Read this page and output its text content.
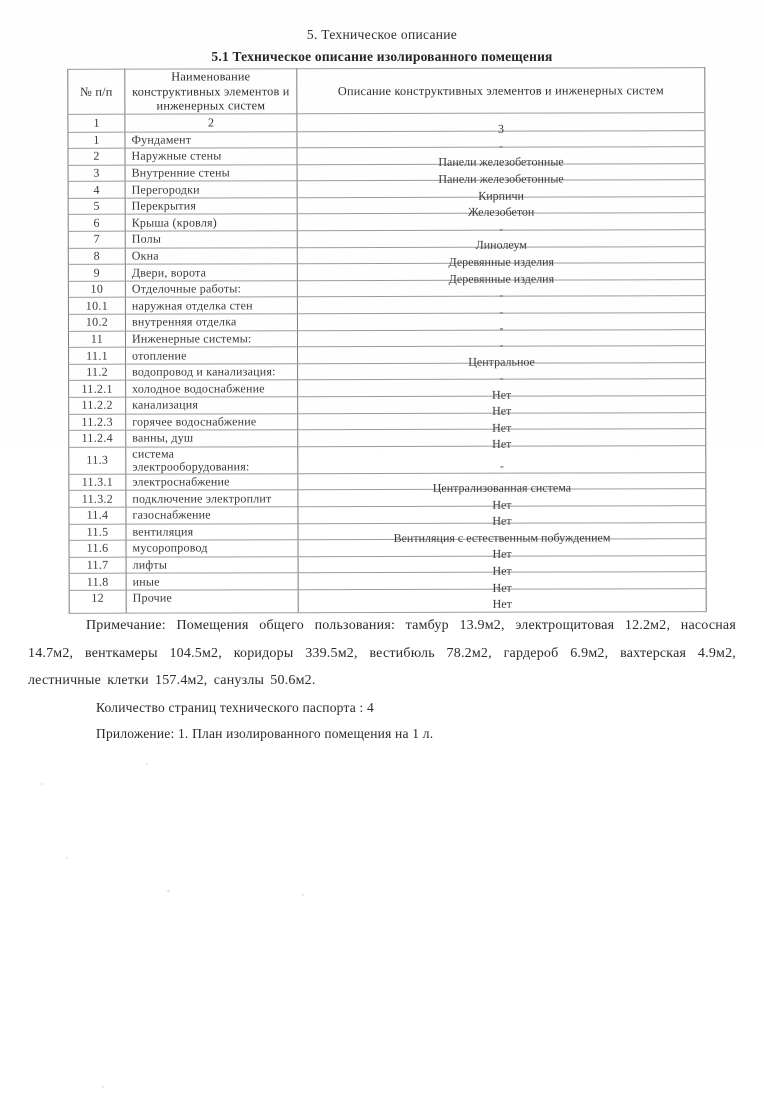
5. Техническое описание
5.1 Техническое описание изолированного помещения
№ п/п	Наименование конструктивных элементов и инженерных систем	Описание конструктивных элементов и инженерных систем
1	2	3
1	Фундамент	-
2	Наружные стены	Панели железобетонные
3	Внутренние стены	Панели железобетонные
4	Перегородки	Кирпичи
5	Перекрытия	Железобетон
6	Крыша (кровля)	-
7	Полы	Линолеум
8	Окна	Деревянные изделия
9	Двери, ворота	Деревянные изделия
10	Отделочные работы:	-
10.1	наружная отделка стен	-
10.2	внутренняя отделка	-
11	Инженерные системы:	-
11.1	отопление	Центральное
11.2	водопровод и канализация:	-
11.2.1	холодное водоснабжение	Нет
11.2.2	канализация	Нет
11.2.3	горячее водоснабжение	Нет
11.2.4	ванны, душ	Нет
11.3	система электрооборудования:	-
11.3.1	электроснабжение	Централизованная система
11.3.2	подключение электроплит	Нет
11.4	газоснабжение	Нет
11.5	вентиляция	Вентиляция с естественным побуждением
11.6	мусоропровод	Нет
11.7	лифты	Нет
11.8	иные	Нет
12	Прочие	Нет

Примечание: Помещения общего пользования: тамбур 13.9м2, электрощитовая 12.2м2, насосная 14.7м2, венткамеры 104.5м2, коридоры 339.5м2, вестибюль 78.2м2, гардероб 6.9м2, вахтерская 4.9м2, лестничные клетки 157.4м2, санузлы 50.6м2.

Количество страниц технического паспорта : 4

Приложение: 1. План изолированного помещения на 1 л.
